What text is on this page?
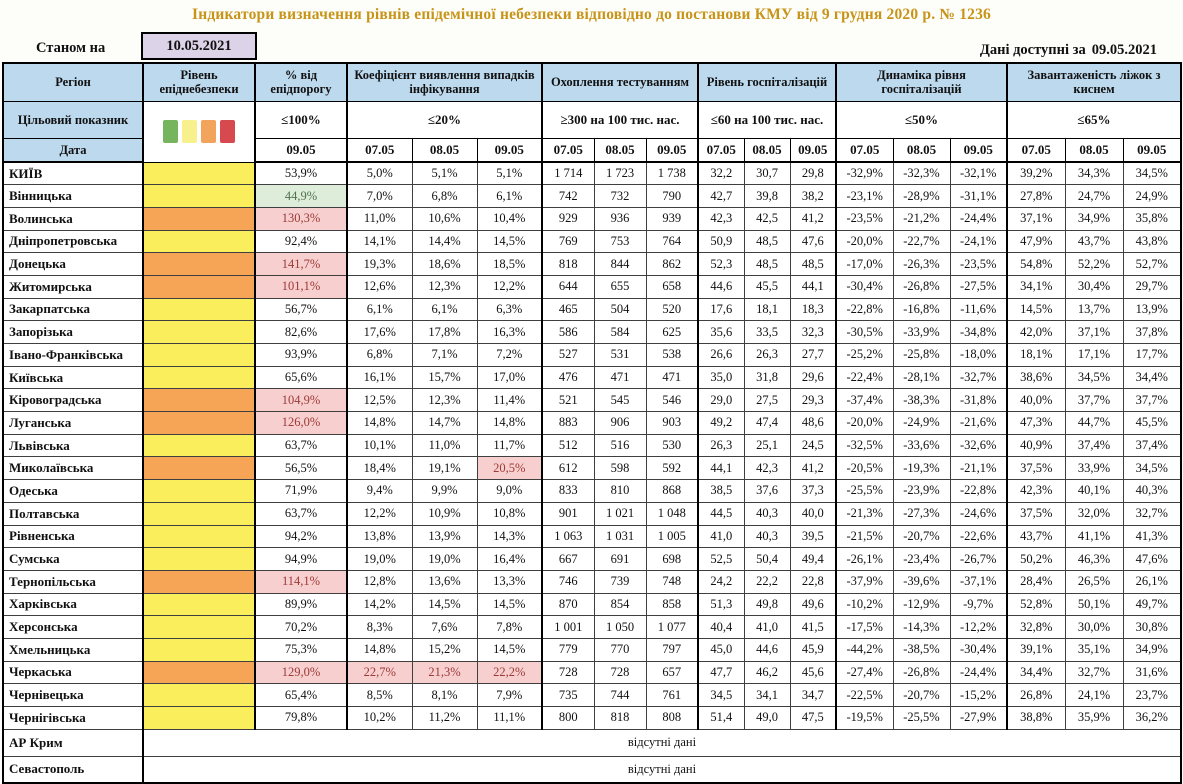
Індикатори визначення рівнів епідемічної небезпеки відповідно до постанови КМУ від 9 грудня 2020 р. № 1236
Станом на	10.05.2021	Дані доступні за 09.05.2021
Регіон	Рівень епіднебезпеки	% від епідпорогу	Коефіцієнт виявлення випадків інфікування			Охоплення тестуванням			Рівень госпіталізацій			Динаміка рівня госпіталізацій			Завантаженість ліжок з киснем		
Цільовий показник		≤100%	≤20%			≥300 на 100 тис. нас.			≤60 на 100 тис. нас.			≤50%			≤65%		
Дата		09.05	07.05	08.05	09.05	07.05	08.05	09.05	07.05	08.05	09.05	07.05	08.05	09.05	07.05	08.05	09.05
КИЇВ		53,9%	5,0%	5,1%	5,1%	1 714	1 723	1 738	32,2	30,7	29,8	-32,9%	-32,3%	-32,1%	39,2%	34,3%	34,5%
Вінницька		44,9%	7,0%	6,8%	6,1%	742	732	790	42,7	39,8	38,2	-23,1%	-28,9%	-31,1%	27,8%	24,7%	24,9%
Волинська		130,3%	11,0%	10,6%	10,4%	929	936	939	42,3	42,5	41,2	-23,5%	-21,2%	-24,4%	37,1%	34,9%	35,8%
Дніпропетровська		92,4%	14,1%	14,4%	14,5%	769	753	764	50,9	48,5	47,6	-20,0%	-22,7%	-24,1%	47,9%	43,7%	43,8%
Донецька		141,7%	19,3%	18,6%	18,5%	818	844	862	52,3	48,5	48,5	-17,0%	-26,3%	-23,5%	54,8%	52,2%	52,7%
Житомирська		101,1%	12,6%	12,3%	12,2%	644	655	658	44,6	45,5	44,1	-30,4%	-26,8%	-27,5%	34,1%	30,4%	29,7%
Закарпатська		56,7%	6,1%	6,1%	6,3%	465	504	520	17,6	18,1	18,3	-22,8%	-16,8%	-11,6%	14,5%	13,7%	13,9%
Запорізька		82,6%	17,6%	17,8%	16,3%	586	584	625	35,6	33,5	32,3	-30,5%	-33,9%	-34,8%	42,0%	37,1%	37,8%
Івано-Франківська		93,9%	6,8%	7,1%	7,2%	527	531	538	26,6	26,3	27,7	-25,2%	-25,8%	-18,0%	18,1%	17,1%	17,7%
Київська		65,6%	16,1%	15,7%	17,0%	476	471	471	35,0	31,8	29,6	-22,4%	-28,1%	-32,7%	38,6%	34,5%	34,4%
Кіровоградська		104,9%	12,5%	12,3%	11,4%	521	545	546	29,0	27,5	29,3	-37,4%	-38,3%	-31,8%	40,0%	37,7%	37,7%
Луганська		126,0%	14,8%	14,7%	14,8%	883	906	903	49,2	47,4	48,6	-20,0%	-24,9%	-21,6%	47,3%	44,7%	45,5%
Львівська		63,7%	10,1%	11,0%	11,7%	512	516	530	26,3	25,1	24,5	-32,5%	-33,6%	-32,6%	40,9%	37,4%	37,4%
Миколаївська		56,5%	18,4%	19,1%	20,5%	612	598	592	44,1	42,3	41,2	-20,5%	-19,3%	-21,1%	37,5%	33,9%	34,5%
Одеська		71,9%	9,4%	9,9%	9,0%	833	810	868	38,5	37,6	37,3	-25,5%	-23,9%	-22,8%	42,3%	40,1%	40,3%
Полтавська		63,7%	12,2%	10,9%	10,8%	901	1 021	1 048	44,5	40,3	40,0	-21,3%	-27,3%	-24,6%	37,5%	32,0%	32,7%
Рівненська		94,2%	13,8%	13,9%	14,3%	1 063	1 031	1 005	41,0	40,3	39,5	-21,5%	-20,7%	-22,6%	43,7%	41,1%	41,3%
Сумська		94,9%	19,0%	19,0%	16,4%	667	691	698	52,5	50,4	49,4	-26,1%	-23,4%	-26,7%	50,2%	46,3%	47,6%
Тернопільська		114,1%	12,8%	13,6%	13,3%	746	739	748	24,2	22,2	22,8	-37,9%	-39,6%	-37,1%	28,4%	26,5%	26,1%
Харківська		89,9%	14,2%	14,5%	14,5%	870	854	858	51,3	49,8	49,6	-10,2%	-12,9%	-9,7%	52,8%	50,1%	49,7%
Херсонська		70,2%	8,3%	7,6%	7,8%	1 001	1 050	1 077	40,4	41,0	41,5	-17,5%	-14,3%	-12,2%	32,8%	30,0%	30,8%
Хмельницька		75,3%	14,8%	15,2%	14,5%	779	770	797	45,0	44,6	45,9	-44,2%	-38,5%	-30,4%	39,1%	35,1%	34,9%
Черкаська		129,0%	22,7%	21,3%	22,2%	728	728	657	47,7	46,2	45,6	-27,4%	-26,8%	-24,4%	34,4%	32,7%	31,6%
Чернівецька		65,4%	8,5%	8,1%	7,9%	735	744	761	34,5	34,1	34,7	-22,5%	-20,7%	-15,2%	26,8%	24,1%	23,7%
Чернігівська		79,8%	10,2%	11,2%	11,1%	800	818	808	51,4	49,0	47,5	-19,5%	-25,5%	-27,9%	38,8%	35,9%	36,2%
АР Крим	відсутні дані																
Севастополь	відсутні дані																
